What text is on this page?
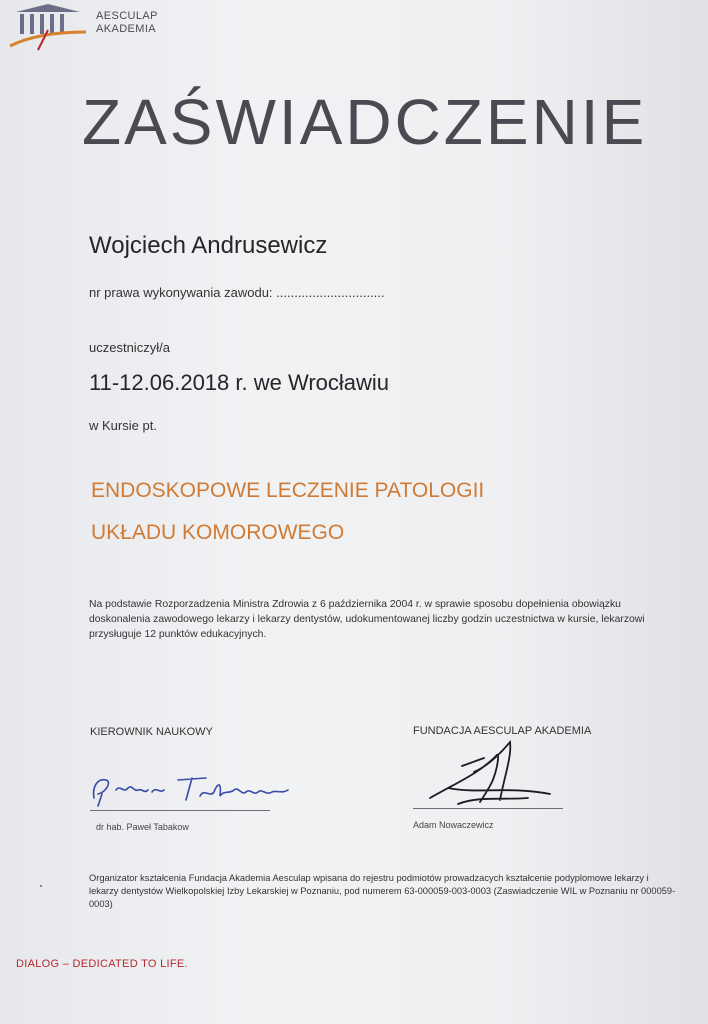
AESCULAP
AKADEMIA
ZAŚWIADCZENIE
Wojciech Andrusewicz
nr prawa wykonywania zawodu: ..............................
uczestniczył/a
11-12.06.2018 r. we Wrocławiu
w Kursie pt.
ENDOSKOPOWE LECZENIE PATOLOGII
UKŁADU KOMOROWEGO
Na podstawie Rozporzadzenia Ministra Zdrowia z 6 października 2004 r. w sprawie sposobu dopełnienia obowiązku doskonalenia zawodowego lekarzy i lekarzy dentystów, udokumentowanej liczby godzin uczestnictwa w kursie, lekarzowi przysługuje 12 punktów edukacyjnych.
KIEROWNIK NAUKOWY	FUNDACJA AESCULAP AKADEMIA
dr hab. Paweł Tabakow	Adam Nowaczewicz
Organizator kształcenia Fundacja Akademia Aesculap wpisana do rejestru podmiotów prowadzacych kształcenie podyplomowe lekarzy i lekarzy dentystów Wielkopolskiej Izby Lekarskiej w Poznaniu, pod numerem 63-000059-003-0003 (Zaswiadczenie WIL w Poznaniu nr 000059-0003)
DIALOG – DEDICATED TO LIFE.
